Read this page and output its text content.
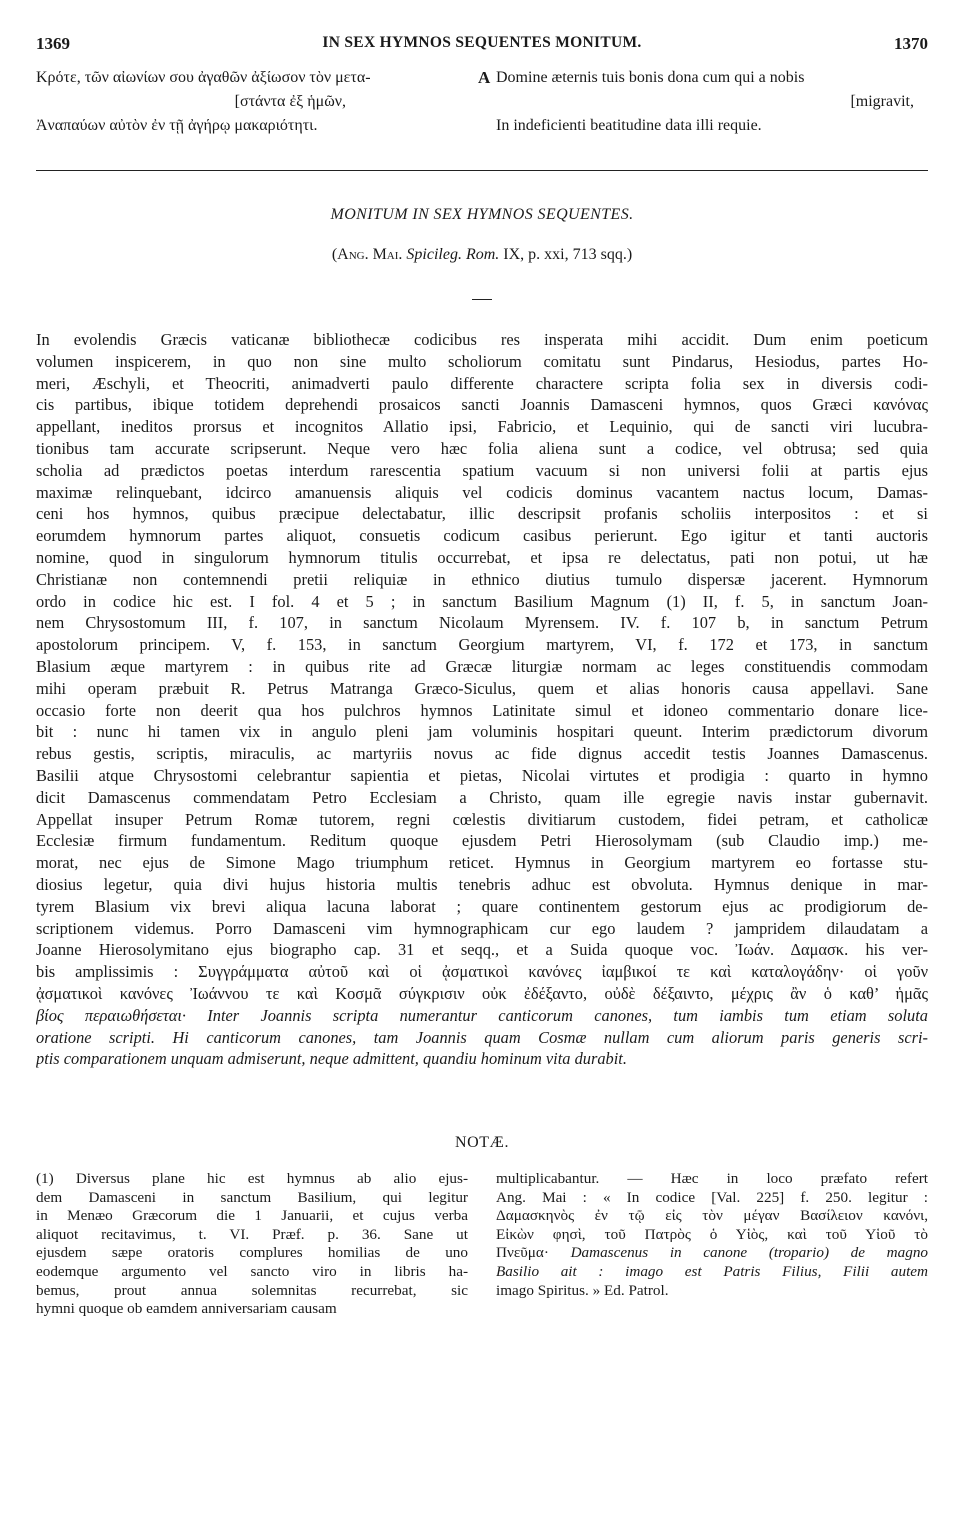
1369	IN SEX HYMNOS SEQUENTES MONITUM.	1370
Κρότε, τῶν αἰωνίων σου ἀγαθῶν ἀξίωσον τὸν μετα-
[στάντα ἐξ ἡμῶν,
Ἀναπαύων αὐτὸν ἐν τῇ ἀγήρῳ μακαριότητι.
A Domine æternis tuis bonis dona cum qui a nobis
[migravit,
In indeficienti beatitudine data illi requie.
MONITUM IN SEX HYMNOS SEQUENTES.
(Ang. Mai. Spicileg. Rom. IX, p. xxi, 713 sqq.)
In evolendis Græcis vaticanæ bibliothecæ codicibus res insperata mihi accidit. Dum enim poeticum
volumen inspicerem, in quo non sine multo scholiorum comitatu sunt Pindarus, Hesiodus, partes Ho-
meri, Æschyli, et Theocriti, animadverti paulo differente charactere scripta folia sex in diversis codi-
cis partibus, ibique totidem deprehendi prosaicos sancti Joannis Damasceni hymnos, quos Græci κανόνας
appellant, ineditos prorsus et incognitos Allatio ipsi, Fabricio, et Lequinio, qui de sancti viri lucubra-
tionibus tam accurate scripserunt. Neque vero hæc folia aliena sunt a codice, vel obtrusa; sed quia
scholia ad prædictos poetas interdum rarescentia spatium vacuum si non universi folii at partis ejus
maximæ relinquebant, idcirco amanuensis aliquis vel codicis dominus vacantem nactus locum, Damas-
ceni hos hymnos, quibus præcipue delectabatur, illic descripsit profanis scholiis interpositos : et si
eorumdem hymnorum partes aliquot, consuetis codicum casibus perierunt. Ego igitur et tanti auctoris
nomine, quod in singulorum hymnorum titulis occurrebat, et ipsa re delectatus, pati non potui, ut hæ
Christianæ non contemnendi pretii reliquiæ in ethnico diutius tumulo dispersæ jacerent. Hymnorum
ordo in codice hic est. I fol. 4 et 5 ; in sanctum Basilium Magnum (1) II, f. 5, in sanctum Joan-
nem Chrysostomum III, f. 107, in sanctum Nicolaum Myrensem. IV. f. 107 b, in sanctum Petrum
apostolorum principem. V, f. 153, in sanctum Georgium martyrem, VI, f. 172 et 173, in sanctum
Blasium æque martyrem : in quibus rite ad Græcæ liturgiæ normam ac leges constituendis commodam
mihi operam præbuit R. Petrus Matranga Græco-Siculus, quem et alias honoris causa appellavi. Sane
occasio forte non deerit qua hos pulchros hymnos Latinitate simul et idoneo commentario donare lice-
bit : nunc hi tamen vix in angulo pleni jam voluminis hospitari queunt. Interim prædictorum divorum
rebus gestis, scriptis, miraculis, ac martyriis novus ac fide dignus accedit testis Joannes Damascenus.
Basilii atque Chrysostomi celebrantur sapientia et pietas, Nicolai virtutes et prodigia : quarto in hymno
dicit Damascenus commendatam Petro Ecclesiam a Christo, quam ille egregie navis instar gubernavit.
Appellat insuper Petrum Romæ tutorem, regni cœlestis divitiarum custodem, fidei petram, et catholicæ
Ecclesiæ firmum fundamentum. Reditum quoque ejusdem Petri Hierosolymam (sub Claudio imp.) me-
morat, nec ejus de Simone Mago triumphum reticet. Hymnus in Georgium martyrem eo fortasse stu-
diosius legetur, quia divi hujus historia multis tenebris adhuc est obvoluta. Hymnus denique in mar-
tyrem Blasium vix brevi aliqua lacuna laborat ; quare continentem gestorum ejus ac prodigiorum de-
scriptionem videmus. Porro Damasceni vim hymnographicam cur ego laudem ? jampridem dilaudatam a
Joanne Hierosolymitano ejus biographo cap. 31 et seqq., et a Suida quoque voc. Ἰωάν. Δαμασκ. his ver-
bis amplissimis : Συγγράμματα αὐτοῦ καὶ οἱ ᾀσματικοὶ κανόνες ἰαμβικοί τε καὶ καταλογάδην· οἱ γοῦν
ᾀσματικοὶ κανόνες Ἰωάννου τε καὶ Κοσμᾶ σύγκρισιν οὐκ ἐδέξαντο, οὐδὲ δέξαιντο, μέχρις ἂν ὁ καθ’ ἡμᾶς
βίος περαιωθήσεται· Inter Joannis scripta numerantur canticorum canones, tum iambis tum etiam soluta
oratione scripti. Hi canticorum canones, tam Joannis quam Cosmæ nullam cum aliorum paris generis scri-
ptis comparationem unquam admiserunt, neque admittent, quandiu hominum vita durabit.
NOTÆ.
(1) Diversus plane hic est hymnus ab alio ejus-
dem Damasceni in sanctum Basilium, qui legitur
in Menæo Græcorum die 1 Januarii, et cujus verba
aliquot recitavimus, t. VI. Præf. p. 36. Sane ut
ejusdem sæpe oratoris complures homilias de uno
eodemque argumento vel sancto viro in libris ha-
bemus, prout annua solemnitas recurrebat, sic
hymni quoque ob eamdem anniversariam causam
multiplicabantur. — Hæc in loco præfato refert
Ang. Mai : « In codice [Val. 225] f. 250. legitur :
Δαμασκηνὸς ἐν τῷ εἰς τὸν μέγαν Βασίλειον κανόνι,
Εἰκὼν φησὶ, τοῦ Πατρὸς ὁ Υἱὸς, καὶ τοῦ Υἱοῦ τὸ
Πνεῦμα· Damascenus in canone (tropario) de magno
Basilio ait : imago est Patris Filius, Filii autem
imago Spiritus. » Ed. Patrol.
